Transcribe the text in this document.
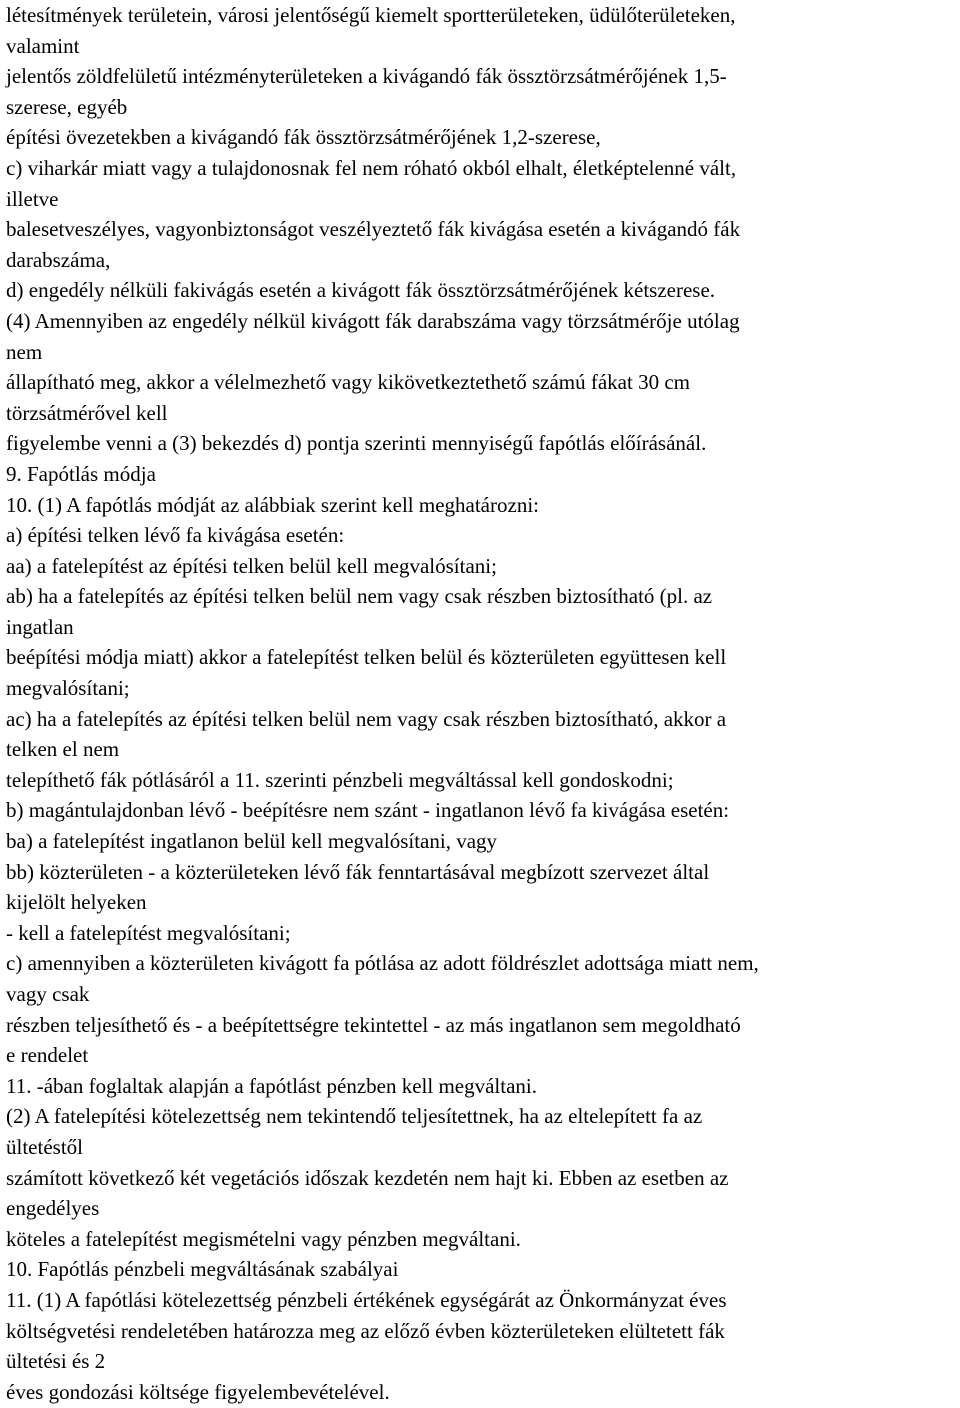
létesítmények területein, városi jelentőségű kiemelt sportterületeken, üdülőterületeken,
valamint
jelentős zöldfelületű intézményterületeken a kivágandó fák össztörzsátmérőjének 1,5-
szerese, egyéb
építési övezetekben a kivágandó fák össztörzsátmérőjének 1,2-szerese,
c) viharkár miatt vagy a tulajdonosnak fel nem róható okból elhalt, életképtelenné vált,
illetve
balesetveszélyes, vagyonbiztonságot veszélyeztető fák kivágása esetén a kivágandó fák
darabszáma,
d) engedély nélküli fakivágás esetén a kivágott fák össztörzsátmérőjének kétszerese.
(4) Amennyiben az engedély nélkül kivágott fák darabszáma vagy törzsátmérője utólag
nem
állapítható meg, akkor a vélelmezhető vagy kikövetkeztethető számú fákat 30 cm
törzsátmérővel kell
figyelembe venni a (3) bekezdés d) pontja szerinti mennyiségű fapótlás előírásánál.
9. Fapótlás módja
10. (1) A fapótlás módját az alábbiak szerint kell meghatározni:
a) építési telken lévő fa kivágása esetén:
aa) a fatelepítést az építési telken belül kell megvalósítani;
ab) ha a fatelepítés az építési telken belül nem vagy csak részben biztosítható (pl. az
ingatlan
beépítési módja miatt) akkor a fatelepítést telken belül és közterületen együttesen kell
megvalósítani;
ac) ha a fatelepítés az építési telken belül nem vagy csak részben biztosítható, akkor a
telken el nem
telepíthető fák pótlásáról a 11. szerinti pénzbeli megváltással kell gondoskodni;
b) magántulajdonban lévő - beépítésre nem szánt - ingatlanon lévő fa kivágása esetén:
ba) a fatelepítést ingatlanon belül kell megvalósítani, vagy
bb) közterületen - a közterületeken lévő fák fenntartásával megbízott szervezet által
kijelölt helyeken
- kell a fatelepítést megvalósítani;
c) amennyiben a közterületen kivágott fa pótlása az adott földrészlet adottsága miatt nem,
vagy csak
részben teljesíthető és - a beépítettségre tekintettel - az más ingatlanon sem megoldható
e rendelet
11. -ában foglaltak alapján a fapótlást pénzben kell megváltani.
(2) A fatelepítési kötelezettség nem tekintendő teljesítettnek, ha az eltelepített fa az
ültetéstől
számított következő két vegetációs időszak kezdetén nem hajt ki. Ebben az esetben az
engedélyes
köteles a fatelepítést megismételni vagy pénzben megváltani.
10. Fapótlás pénzbeli megváltásának szabályai
11. (1) A fapótlási kötelezettség pénzbeli értékének egységárát az Önkormányzat éves
költségvetési rendeletében határozza meg az előző évben közterületeken elültetett fák
ültetési és 2
éves gondozási költsége figyelembevételével.
